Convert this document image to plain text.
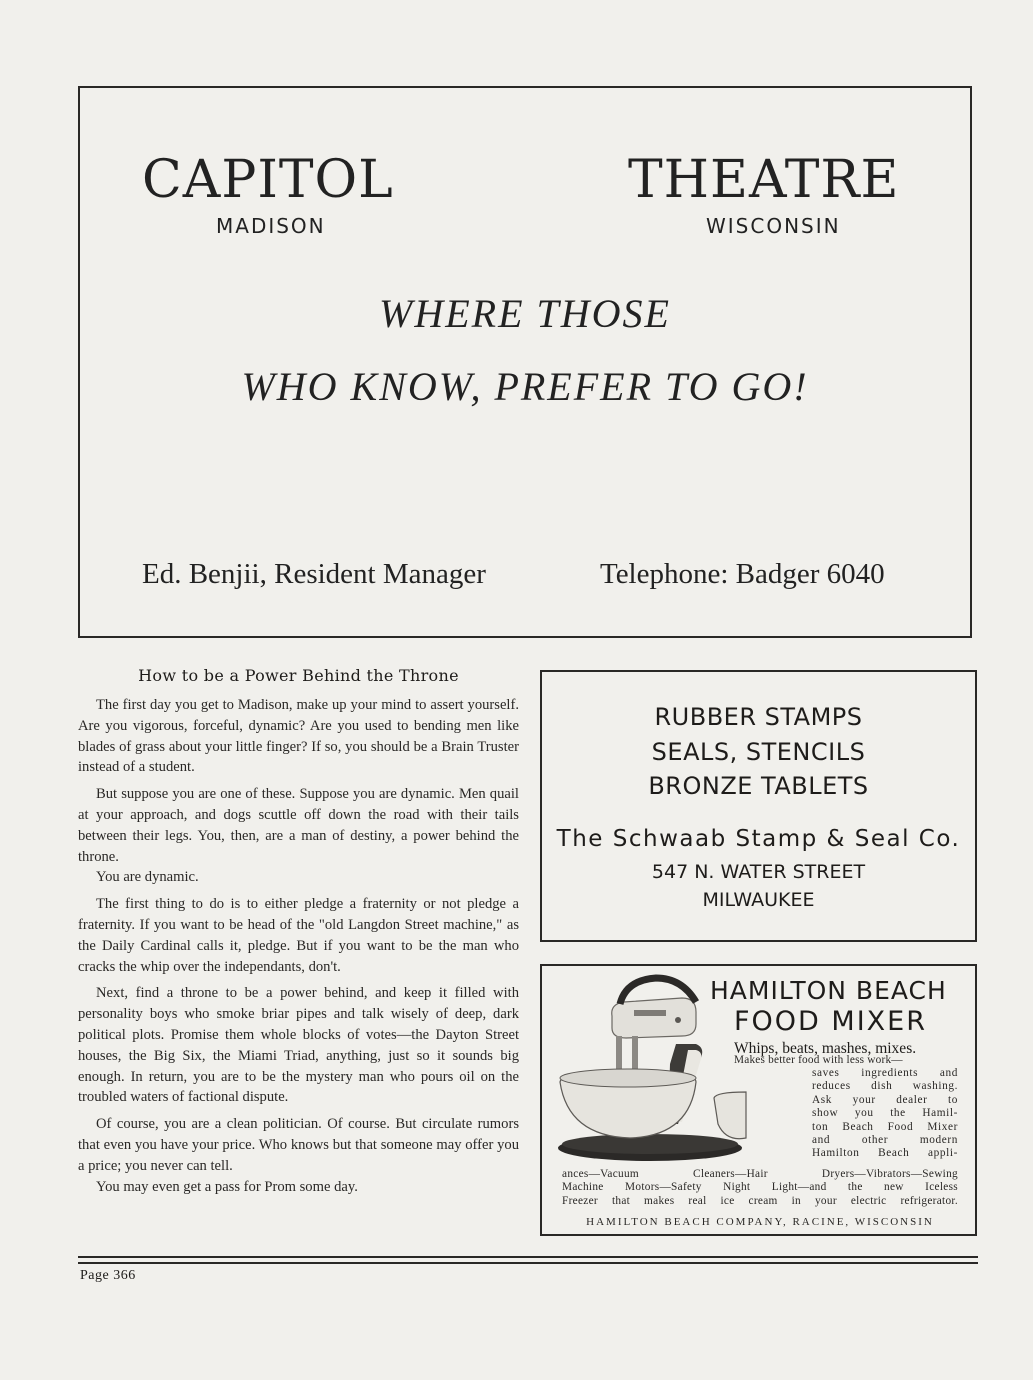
CAPITOL	THEATRE
MADISON	WISCONSIN
WHERE THOSE
WHO KNOW, PREFER TO GO!
Ed. Benjii, Resident Manager	Telephone: Badger 6040
How to be a Power Behind the Throne

The first day you get to Madison, make up your mind to assert yourself. Are you vigorous, forceful, dynamic? Are you used to bending men like blades of grass about your little finger? If so, you should be a Brain Truster instead of a student.

But suppose you are one of these. Suppose you are dynamic. Men quail at your approach, and dogs scuttle off down the road with their tails between their legs. You, then, are a man of destiny, a power behind the throne.

You are dynamic.

The first thing to do is to either pledge a fraternity or not pledge a fraternity. If you want to be head of the "old Langdon Street machine," as the Daily Cardinal calls it, pledge. But if you want to be the man who cracks the whip over the independants, don't.

Next, find a throne to be a power behind, and keep it filled with personality boys who smoke briar pipes and talk wisely of deep, dark political plots. Promise them whole blocks of votes—the Dayton Street houses, the Big Six, the Miami Triad, anything, just so it sounds big enough. In return, you are to be the mystery man who pours oil on the troubled waters of factional dispute.

Of course, you are a clean politician. Of course. But circulate rumors that even you have your price. Who knows but that someone may offer you a price; you never can tell.

You may even get a pass for Prom some day.

RUBBER STAMPS
SEALS, STENCILS
BRONZE TABLETS
The Schwaab Stamp & Seal Co.
547 N. WATER STREET
MILWAUKEE
HAMILTON BEACH
FOOD MIXER
Whips, beats, mashes, mixes.
Makes better food with less work—
saves ingredients and
reduces dish washing.
Ask your dealer to
show you the Hamil-
ton Beach Food Mixer
and other modern
Hamilton Beach appli-
ances—Vacuum Cleaners—Hair Dryers—Vibrators—Sewing
Machine Motors—Safety Night Light—and the new Iceless
Freezer that makes real ice cream in your electric refrigerator.
HAMILTON BEACH COMPANY, RACINE, WISCONSIN
Page 366
